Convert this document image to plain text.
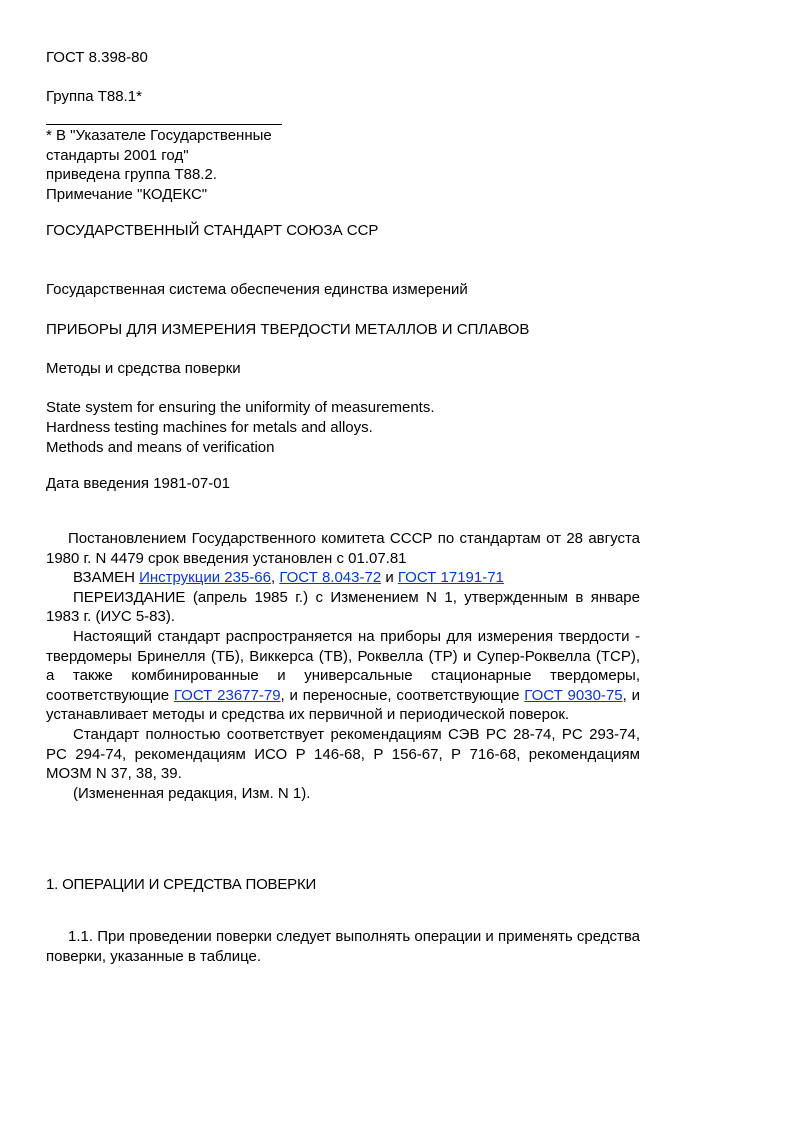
ГОСТ 8.398-80
Группа Т88.1*
* В "Указателе Государственные
стандарты 2001 год"
приведена группа Т88.2.
Примечание "КОДЕКС"
ГОСУДАРСТВЕННЫЙ СТАНДАРТ СОЮЗА ССР
Государственная система обеспечения единства измерений
ПРИБОРЫ ДЛЯ ИЗМЕРЕНИЯ ТВЕРДОСТИ МЕТАЛЛОВ И СПЛАВОВ
Методы и средства поверки
State system for ensuring the uniformity of measurements.
Hardness testing machines for metals and alloys.
Methods and means of verification
Дата введения 1981-07-01

Постановлением Государственного комитета СССР по стандартам от 28 августа 1980 г. N 4479 срок введения установлен с 01.07.81

ВЗАМЕН Инструкции 235-66, ГОСТ 8.043-72 и ГОСТ 17191-71

ПЕРЕИЗДАНИЕ (апрель 1985 г.) с Изменением N 1, утвержденным в январе 1983 г. (ИУС 5-83).

Настоящий стандарт распространяется на приборы для измерения твердости - твердомеры Бринелля (ТБ), Виккерса (ТВ), Роквелла (ТР) и Супер-Роквелла (ТСР), а также комбинированные и универсальные стационарные твердомеры, соответствующие ГОСТ 23677-79, и переносные, соответствующие ГОСТ 9030-75, и устанавливает методы и средства их первичной и периодической поверок.

Стандарт полностью соответствует рекомендациям СЭВ PC 28-74, PC 293-74, PC 294-74, рекомендациям ИСО Р 146-68, Р 156-67, Р 716-68, рекомендациям МОЗМ N 37, 38, 39.

(Измененная редакция, Изм. N 1).

1. ОПЕРАЦИИ И СРЕДСТВА ПОВЕРКИ

1.1. При проведении поверки следует выполнять операции и применять средства поверки, указанные в таблице.
